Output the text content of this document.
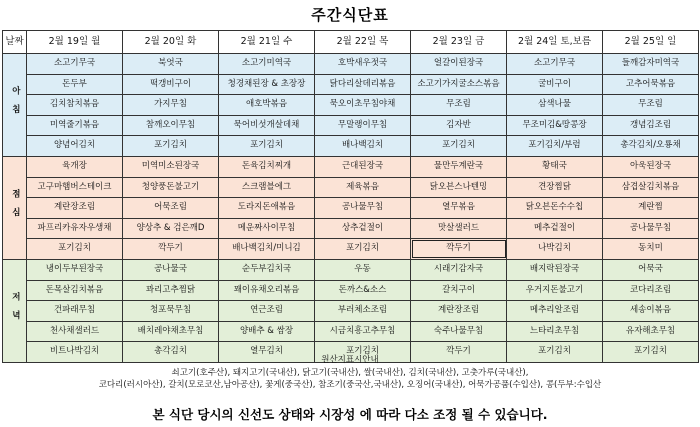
주간식단표
날짜	2월 19일 월	2월 20일 화	2월 21일 수	2월 22일 목	2월 23일 금	2월 24일 토,보름	2월 25일 일
아침	소고기무국	북엇국	소고기미역국	호박새우젓국	얼갈이된장국	소고기무국	들깨감자미역국
	돈두부	떡갱비구이	청경채된장 & 초장장	닭다리살데리볶음	소고기가지굴소스볶음	굴비구이	고추어묵볶음
	김치참치볶음	가지무침	애호박볶음	묵오이초무침야채	무조림	삼색나물	무조림
	미역줄기볶음	참깨오이무침	묵어비섯개살데채	무말랭이무침	김자반	무조미김&땅콩장	갱념김조림
	양념어김치	포기김치	포기김치	배나백김치	포기김치	포기김치/부럼	총각김치/오룡채
점심	육개장	미역미소된장국	돈육김치찌개	근대된장국	물만두계란국	황태국	아욱된장국
	고구마햄버스테이크	청양풍돈불고기	스크램블에그	제육볶음	닭오븐스나텐밍	견장찜닭	삼겹살김치볶음
	계란장조림	어묵조림	도라지돈애볶음	공나물무침	열무볶음	닭오븐돈수수칩	계란찜
	파프리카유자우생채	양상추 & 검은깨D	메운짜사이무침	상추겉절이	맛살샐러드	메추겉절이	공나물무침
	포기김치	깍두기	배나백김치/미니김	포기김치	깍두기	나박김치	동치미
저녁	냉이두부된장국	공나물국	순두부김치국	우동	시래기감자국	배지락된장국	어묵국
	돈목살김치볶음	꽈리고추찜닭	꽤이유채오리볶음	돈까스&소스	갈치구이	우거지돈불고기	코다리조림
	건파래무침	청포묵무침	연근조림	부러체소조림	계란장조림	메추리알조림	세송이볶음
	천사채샐러드	배치레야채초무침	양배추 & 쌈장	시금치흥고추무침	숙주나물무침	느타리초무침	유자해초무침
	비트나박김치	총각김치	열무김치	포기김치	깍두기	포기김치	포기김치
원산지표시안내
쇠고기(호주산), 돼지고기(국내산), 닭고기(국내산), 쌀(국내산), 김치(국내산), 고춧가루(국내산),
코다리(러시아산), 갈치(모로코산,남아공산), 꽃게(중국산), 참조기(중국산,국내산), 오징어(국내산), 어묵가공품(수입산), 콩(두부:수입산
본 식단 당시의 신선도 상태와 시장성 에 따라 다소 조정 될 수 있습니다.
